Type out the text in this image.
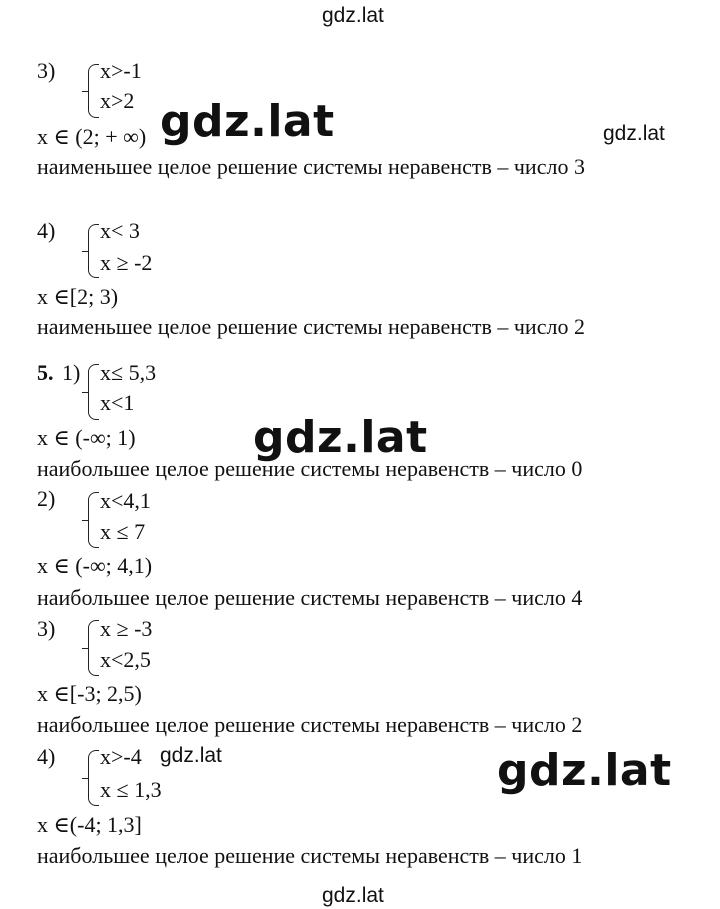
gdz.lat
gdz.lat	gdz.lat
gdz.lat
gdz.lat	gdz.lat
gdz.lat
3) x>-1
x>2
x ∈ (2; + ∞)
наименьшее целое решение системы неравенств – число 3
4) x< 3
x ≥ -2
x ∈[2; 3)
наименьшее целое решение системы неравенств – число 2
5. 1) x≤ 5,3
x<1
x ∈ (-∞; 1)
наибольшее целое решение системы неравенств – число 0
2) x<4,1
x ≤ 7
x ∈ (-∞; 4,1)
наибольшее целое решение системы неравенств – число 4
3) x ≥ -3
x<2,5
x ∈[-3; 2,5)
наибольшее целое решение системы неравенств – число 2
4) x>-4
x ≤ 1,3
x ∈(-4; 1,3]
наибольшее целое решение системы неравенств – число 1
